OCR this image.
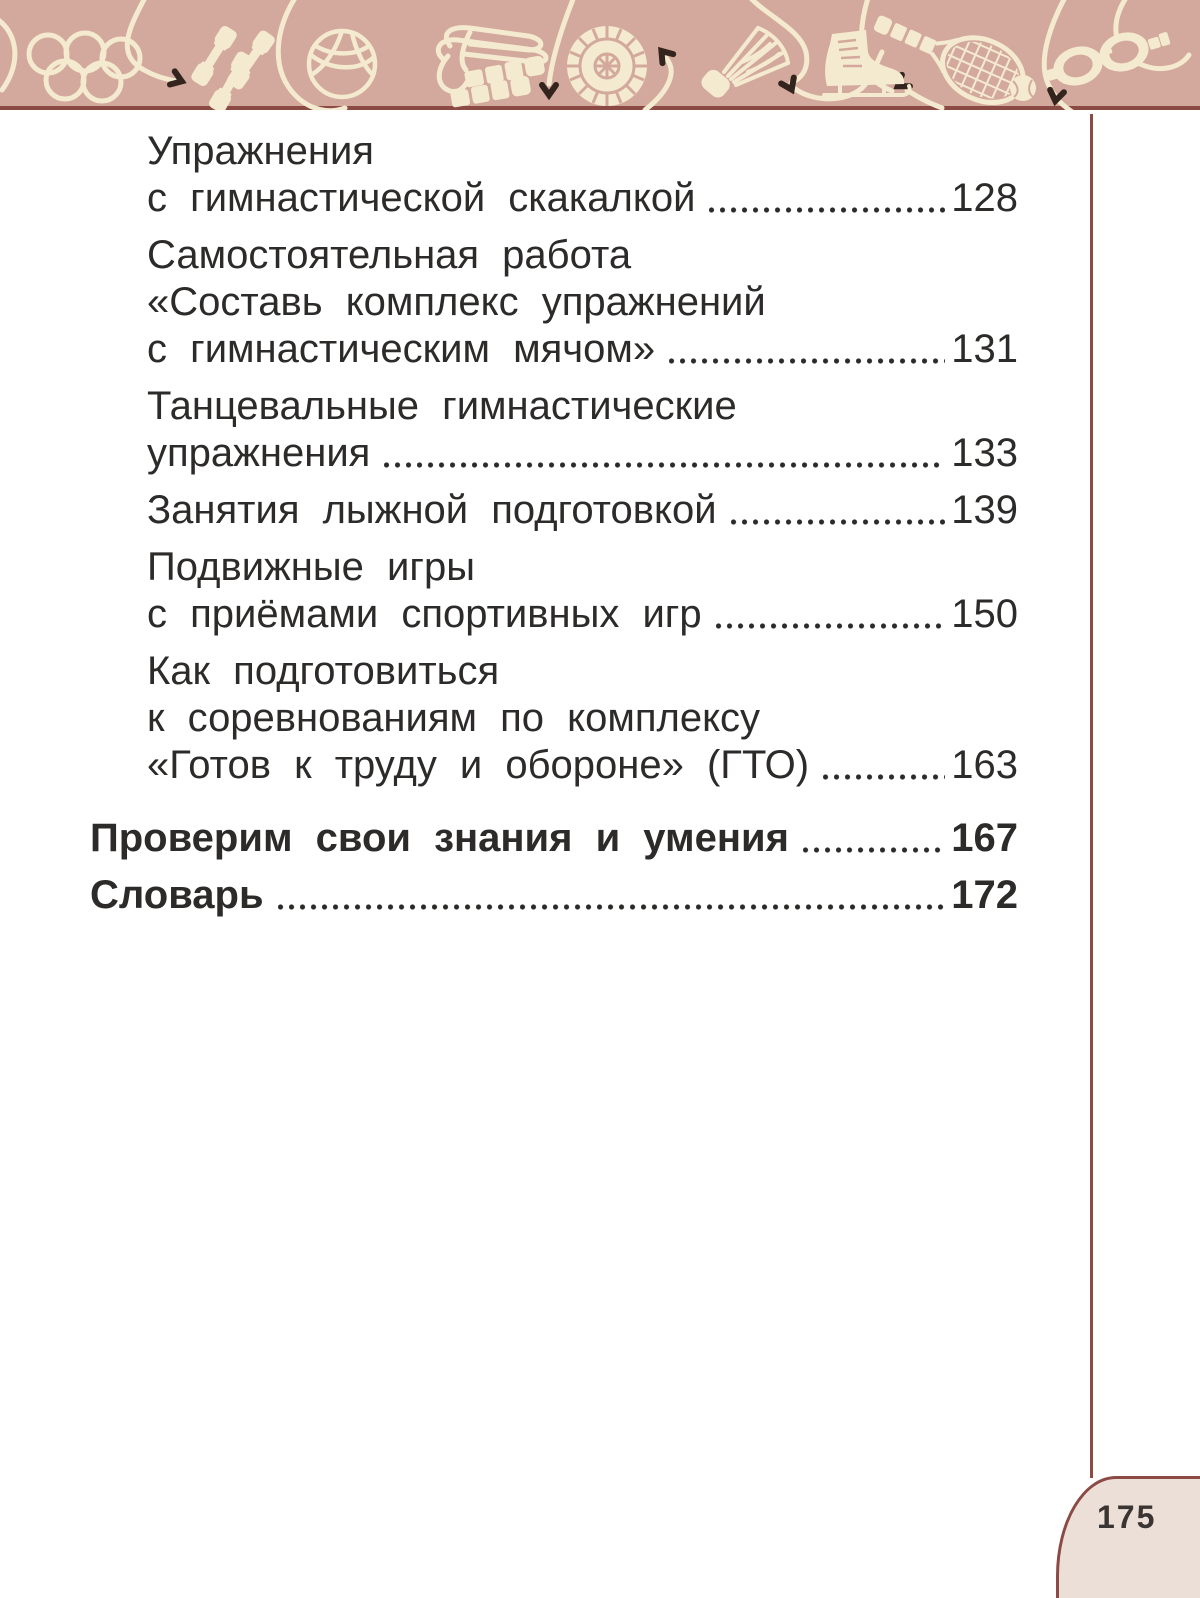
Упражнения
с гимнастической скакалкой	128
Самостоятельная работа
«Составь комплекс упражнений
с гимнастическим мячом»	131
Танцевальные гимнастические
упражнения	133
Занятия лыжной подготовкой	139
Подвижные игры
с приёмами спортивных игр	150
Как подготовиться
к соревнованиям по комплексу
«Готов к труду и обороне» (ГТО)	163
Проверим свои знания и умения	167
Словарь	172
175
